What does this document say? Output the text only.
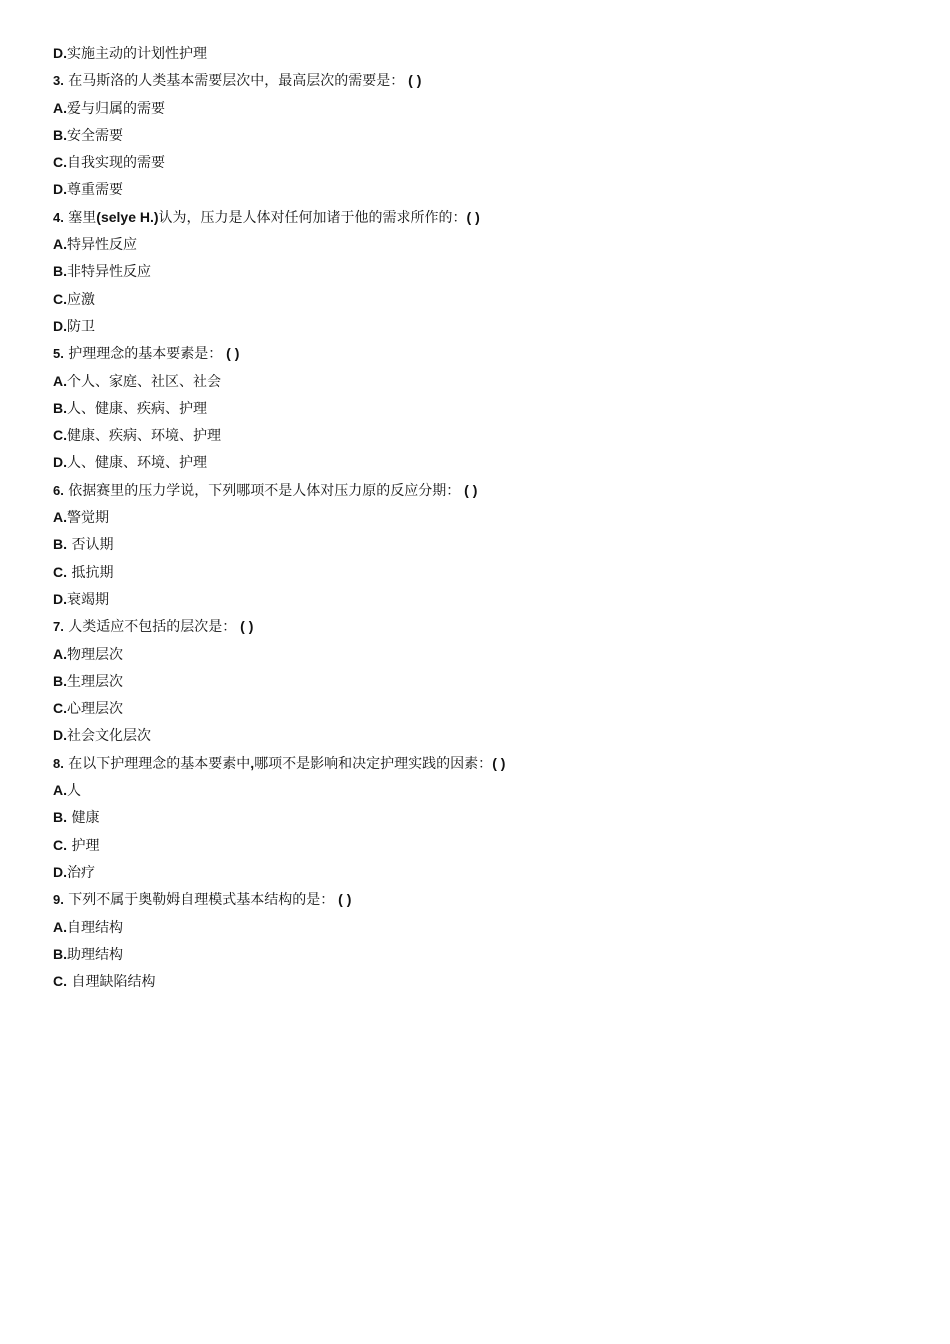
D.实施主动的计划性护理
3. 在马斯洛的人类基本需要层次中，最高层次的需要是： ( )
A.爱与归属的需要
B.安全需要
C.自我实现的需要
D.尊重需要
4. 塞里(selye H.)认为，压力是人体对任何加诸于他的需求所作的：( )
A.特异性反应
B.非特异性反应
C.应激
D.防卫
5. 护理理念的基本要素是： ( )
A.个人、家庭、社区、社会
B.人、健康、疾病、护理
C.健康、疾病、环境、护理
D.人、健康、环境、护理
6. 依据赛里的压力学说，下列哪项不是人体对压力原的反应分期： ( )
A.警觉期
B. 否认期
C. 抵抗期
D.衰竭期
7. 人类适应不包括的层次是： ( )
A.物理层次
B.生理层次
C.心理层次
D.社会文化层次
8. 在以下护理理念的基本要素中,哪项不是影响和决定护理实践的因素：( )
A.人
B. 健康
C. 护理
D.治疗
9. 下列不属于奥勒姆自理模式基本结构的是： ( )
A.自理结构
B.助理结构
C. 自理缺陷结构
